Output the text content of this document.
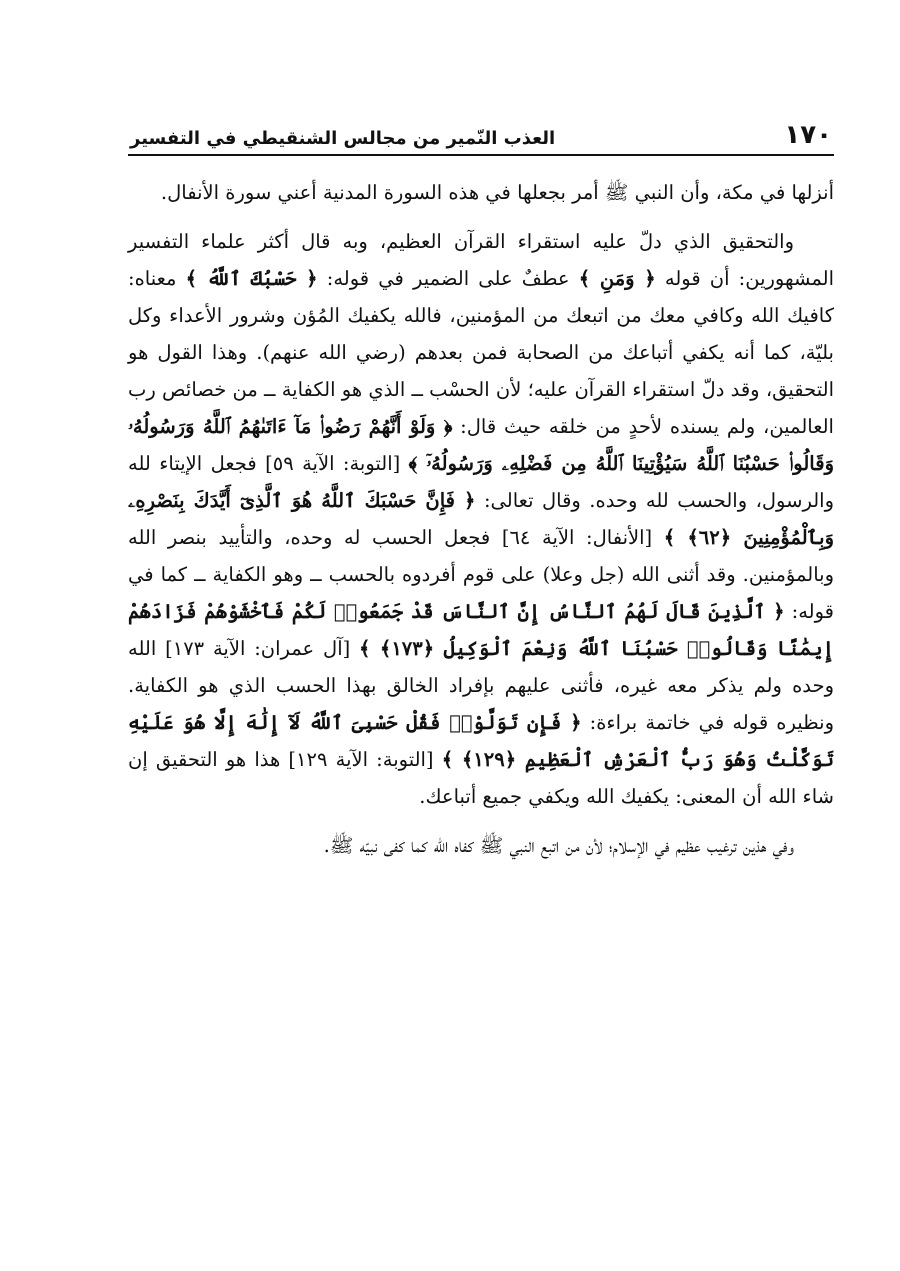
١٧٠
العذب النّمير من مجالس الشنقيطي في التفسير

أنزلها في مكة، وأن النبي ﷺ أمر بجعلها في هذه السورة المدنية أعني سورة الأنفال.

والتحقيق الذي دلّ عليه استقراء القرآن العظيم، وبه قال أكثر علماء التفسير المشهورين: أن قوله ﴿ وَمَنِ ﴾ عطفٌ على الضمير في قوله: ﴿ حَسْبُكَ ٱللَّهُ ﴾ معناه: كافيك الله وكافي معك من اتبعك من المؤمنين، فالله يكفيك المُؤن وشرور الأعداء وكل بليّة، كما أنه يكفي أتباعك من الصحابة فمن بعدهم (رضي الله عنهم). وهذا القول هو التحقيق، وقد دلّ استقراء القرآن عليه؛ لأن الحسْب ــ الذي هو الكفاية ــ من خصائص رب العالمين، ولم يسنده لأحدٍ من خلقه حيث قال: ﴿ وَلَوْ أَنَّهُمْ رَضُوا۟ مَآ ءَاتَىٰهُمُ ٱللَّهُ وَرَسُولُهُۥ وَقَالُوا۟ حَسْبُنَا ٱللَّهُ سَيُؤْتِينَا ٱللَّهُ مِن فَضْلِهِۦ وَرَسُولُهُۥٓ ﴾ [التوبة: الآية ٥٩] فجعل الإيتاء لله والرسول، والحسب لله وحده. وقال تعالى: ﴿ فَإِنَّ حَسْبَكَ ٱللَّهُ هُوَ ٱلَّذِىٓ أَيَّدَكَ بِنَصْرِهِۦ وَبِٱلْمُؤْمِنِينَ ﴿٦٢﴾ ﴾ [الأنفال: الآية ٦٤] فجعل الحسب له وحده، والتأييد بنصر الله وبالمؤمنين. وقد أثنى الله (جل وعلا) على قوم أفردوه بالحسب ــ وهو الكفاية ــ كما في قوله: ﴿ ٱلَّذِينَ قَالَ لَهُمُ ٱلنَّاسُ إِنَّ ٱلنَّاسَ قَدْ جَمَعُوا۟ لَكُمْ فَٱخْشَوْهُمْ فَزَادَهُمْ إِيمَٰنًا وَقَالُوا۟ حَسْبُنَا ٱللَّهُ وَنِعْمَ ٱلْوَكِيلُ ﴿١٧٣﴾ ﴾ [آل عمران: الآية ١٧٣] الله وحده ولم يذكر معه غيره، فأثنى عليهم بإفراد الخالق بهذا الحسب الذي هو الكفاية. ونظيره قوله في خاتمة براءة: ﴿ فَإِن تَوَلَّوْا۟ فَقُلْ حَسْبِىَ ٱللَّهُ لَآ إِلَٰهَ إِلَّا هُوَ عَلَيْهِ تَوَكَّلْتُ وَهُوَ رَبُّ ٱلْعَرْشِ ٱلْعَظِيمِ ﴿١٢٩﴾ ﴾ [التوبة: الآية ١٢٩] هذا هو التحقيق إن شاء الله أن المعنى: يكفيك الله ويكفي جميع أتباعك.

وفي هذين ترغيب عظيم في الإسلام؛ لأن من اتبع النبي ﷺ كفاه الله كما كفى نبيّه ﷺ.
